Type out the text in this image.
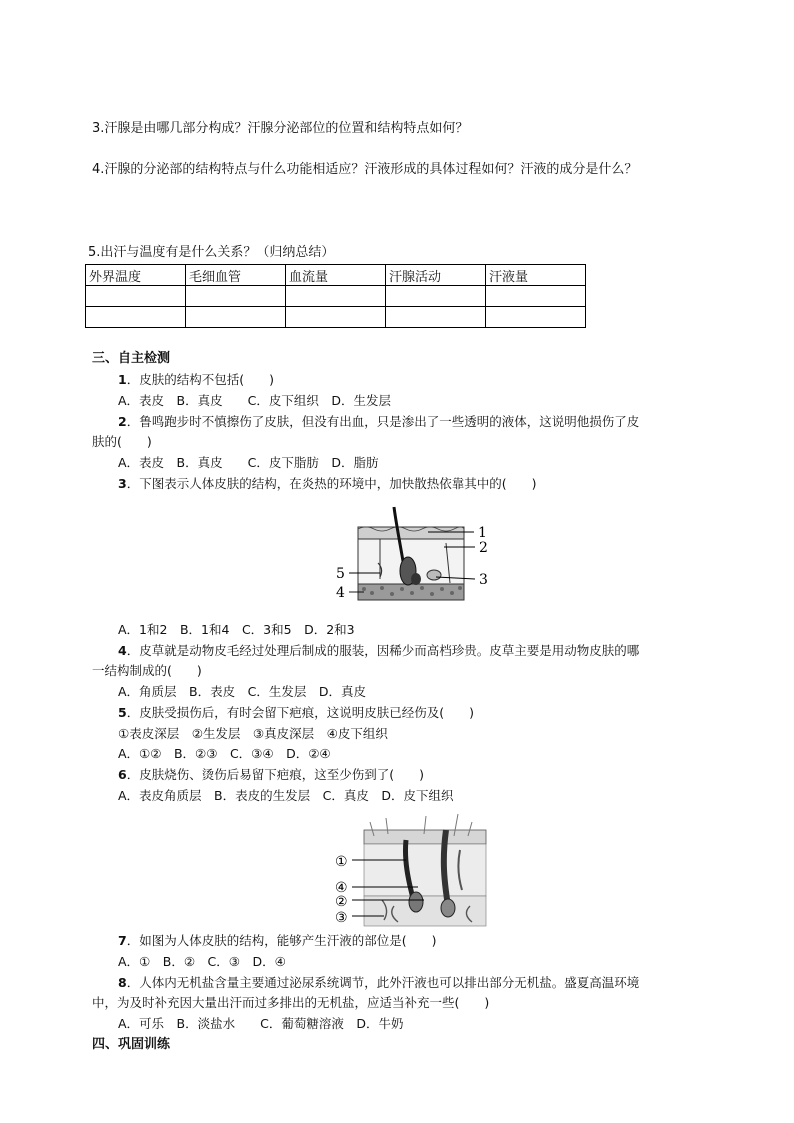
3.汗腺是由哪几部分构成？汗腺分泌部位的位置和结构特点如何？
4.汗腺的分泌部的结构特点与什么功能相适应？汗液形成的具体过程如何？汗液的成分是什么？
5.出汗与温度有是什么关系？（归纳总结）
外界温度	毛细血管	血流量	汗腺活动	汗液量

三、自主检测
1．皮肤的结构不包括(　　)
A．表皮　B．真皮　　C．皮下组织　D．生发层
2．鲁鸣跑步时不慎擦伤了皮肤，但没有出血，只是渗出了一些透明的液体，这说明他损伤了皮
肤的(　　)
A．表皮　B．真皮　　C．皮下脂肪　D．脂肪
3．下图表示人体皮肤的结构，在炎热的环境中，加快散热依靠其中的(　　)
1
2
3
4
5
A．1和2　B．1和4　C．3和5　D．2和3
4．皮草就是动物皮毛经过处理后制成的服装，因稀少而高档珍贵。皮草主要是用动物皮肤的哪
一结构制成的(　　)
A．角质层　B．表皮　C．生发层　D．真皮
5．皮肤受损伤后，有时会留下疤痕，这说明皮肤已经伤及(　　)
①表皮深层　②生发层　③真皮深层　④皮下组织
A．①②　B．②③　C．③④　D．②④
6．皮肤烧伤、烫伤后易留下疤痕，这至少伤到了(　　)
A．表皮角质层　B．表皮的生发层　C．真皮　D．皮下组织
①
④
②
③
7．如图为人体皮肤的结构，能够产生汗液的部位是(　　)
A．①　B．②　C．③　D．④
8．人体内无机盐含量主要通过泌尿系统调节，此外汗液也可以排出部分无机盐。盛夏高温环境
中，为及时补充因大量出汗而过多排出的无机盐，应适当补充一些(　　)
A．可乐　B．淡盐水　　C．葡萄糖溶液　D．牛奶
四、巩固训练
